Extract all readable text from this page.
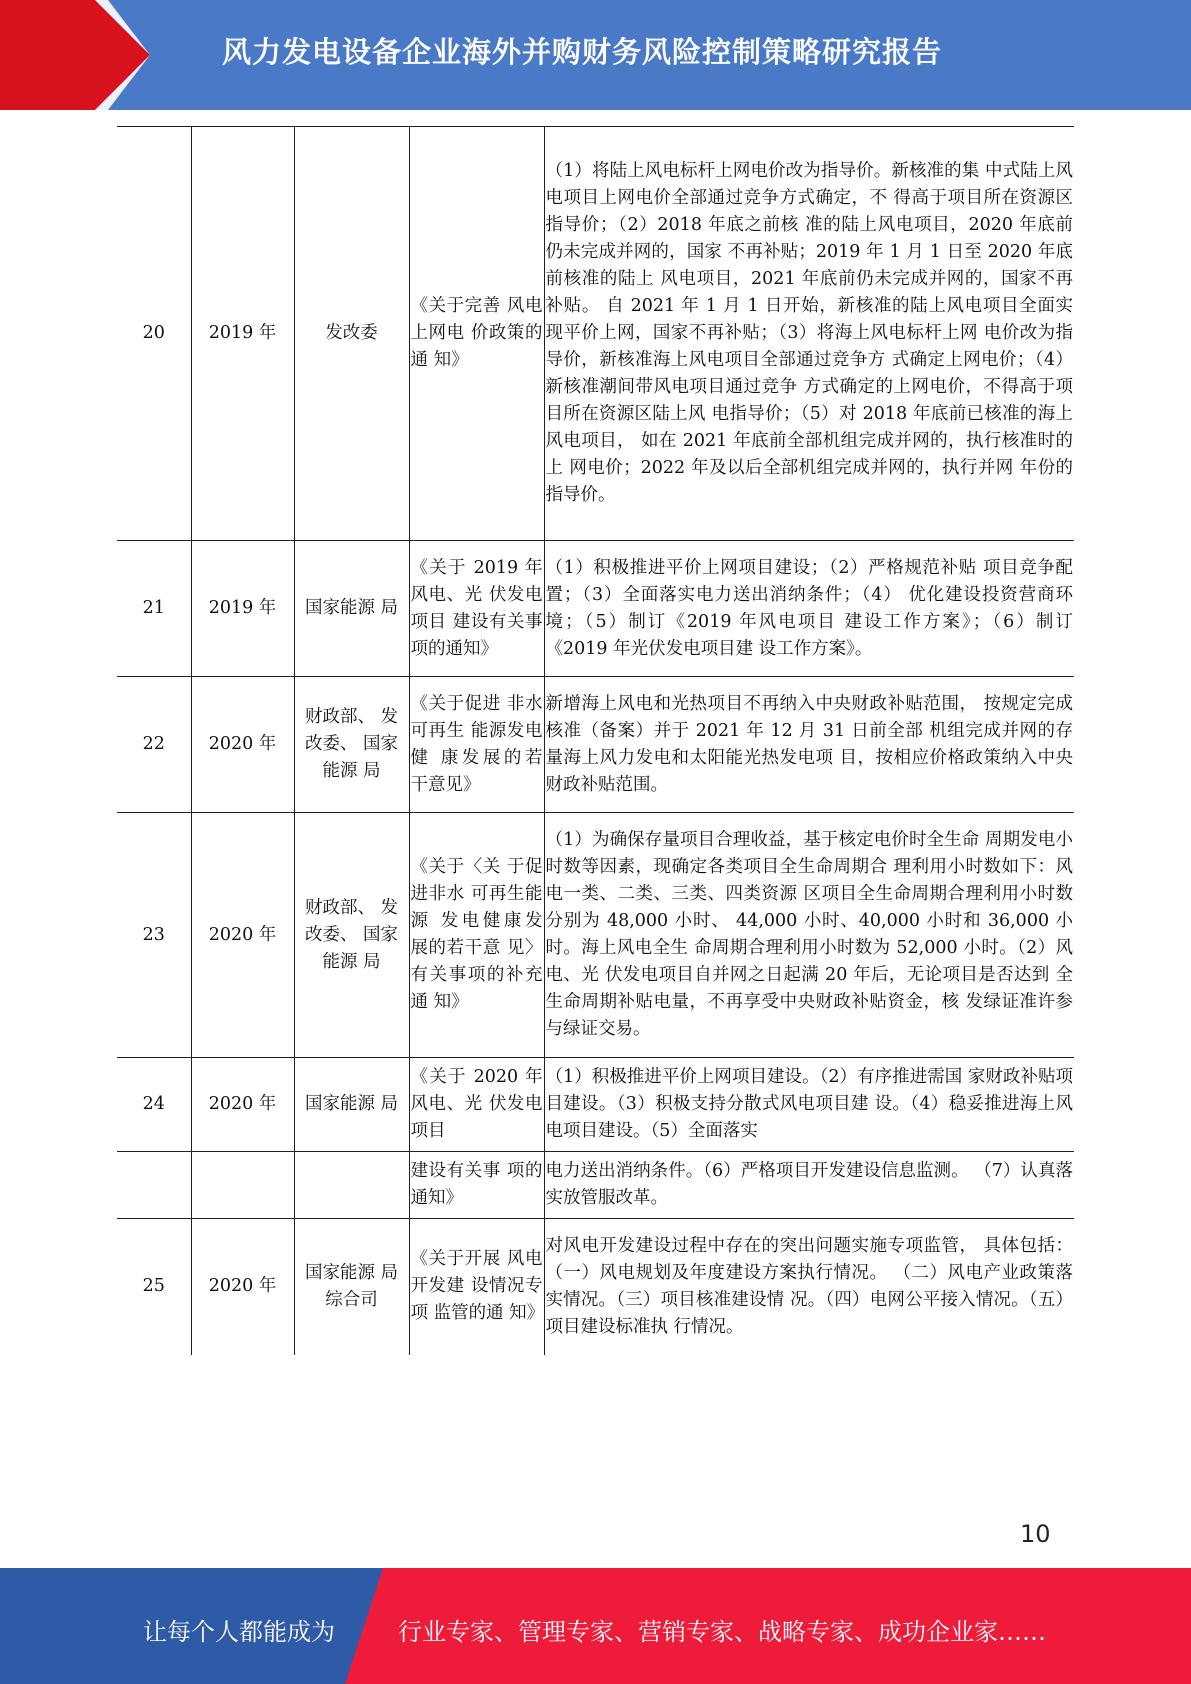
风力发电设备企业海外并购财务风险控制策略研究报告
20	2019 年	发改委	《关于完善 风电上网电 价政策的通 知》	（1）将陆上风电标杆上网电价改为指导价。新核准的集 中式陆上风电项目上网电价全部通过竞争方式确定，不 得高于项目所在资源区指导价；（2）2018 年底之前核 准的陆上风电项目，2020 年底前仍未完成并网的，国家 不再补贴；2019 年 1 月 1 日至 2020 年底前核准的陆上 风电项目，2021 年底前仍未完成并网的，国家不再补贴。 自 2021 年 1 月 1 日开始，新核准的陆上风电项目全面实 现平价上网，国家不再补贴；（3）将海上风电标杆上网 电价改为指导价，新核准海上风电项目全部通过竞争方 式确定上网电价；（4）新核准潮间带风电项目通过竞争 方式确定的上网电价，不得高于项目所在资源区陆上风 电指导价；（5）对 2018 年底前已核准的海上风电项目， 如在 2021 年底前全部机组完成并网的，执行核准时的上 网电价；2022 年及以后全部机组完成并网的，执行并网 年份的指导价。
21	2019 年	国家能源 局	《关于 2019 年风电、光 伏发电项目 建设有关事 项的通知》	（1）积极推进平价上网项目建设；（2）严格规范补贴 项目竞争配置；（3）全面落实电力送出消纳条件；（4） 优化建设投资营商环境；（5）制订《2019 年风电项目 建设工作方案》；（6）制订《2019 年光伏发电项目建 设工作方案》。
22	2020 年	财政部、 发改委、 国家能源 局	《关于促进 非水可再生 能源发电健 康发展的若 干意见》	新增海上风电和光热项目不再纳入中央财政补贴范围， 按规定完成核准（备案）并于 2021 年 12 月 31 日前全部 机组完成并网的存量海上风力发电和太阳能光热发电项 目，按相应价格政策纳入中央财政补贴范围。
23	2020 年	财政部、 发改委、 国家能源 局	《关于〈关 于促进非水 可再生能源 发电健康发 展的若干意 见〉有关事项的补充通 知》	（1）为确保存量项目合理收益，基于核定电价时全生命 周期发电小时数等因素，现确定各类项目全生命周期合 理利用小时数如下：风电一类、二类、三类、四类资源 区项目全生命周期合理利用小时数分别为 48,000 小时、 44,000 小时、40,000 小时和 36,000 小时。海上风电全生 命周期合理利用小时数为 52,000 小时。（2）风电、光 伏发电项目自并网之日起满 20 年后，无论项目是否达到 全生命周期补贴电量，不再享受中央财政补贴资金，核 发绿证准许参与绿证交易。
24	2020 年	国家能源 局	《关于 2020 年风电、光 伏发电项目	（1）积极推进平价上网项目建设。（2）有序推进需国 家财政补贴项目建设。（3）积极支持分散式风电项目建 设。（4）稳妥推进海上风电项目建设。（5）全面落实
			建设有关事 项的通知》	电力送出消纳条件。（6）严格项目开发建设信息监测。 （7）认真落实放管服改革。
25	2020 年	国家能源 局综合司	《关于开展 风电开发建 设情况专项 监管的通 知》	对风电开发建设过程中存在的突出问题实施专项监管， 具体包括：（一）风电规划及年度建设方案执行情况。 （二）风电产业政策落实情况。（三）项目核准建设情 况。（四）电网公平接入情况。（五）项目建设标准执 行情况。
10
让每个人都能成为	行业专家、管理专家、营销专家、战略专家、成功企业家……
